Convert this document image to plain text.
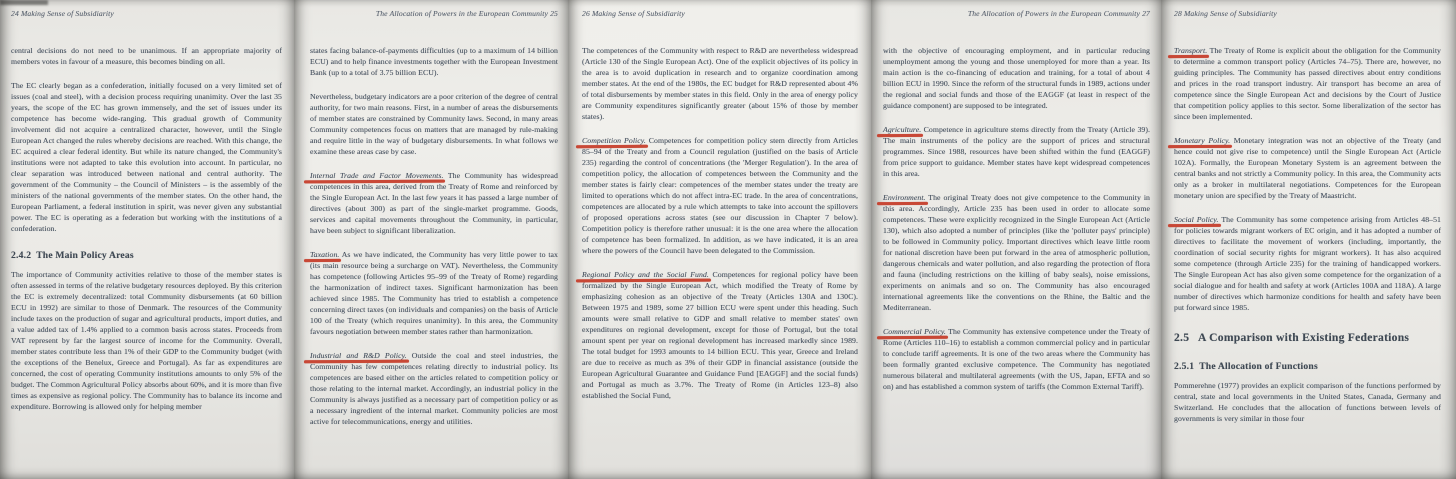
24 Making Sense of Subsidiarity

central decisions do not need to be unanimous. If an appropriate majority of members votes in favour of a measure, this becomes binding on all.

The EC clearly began as a confederation, initially focused on a very limited set of issues (coal and steel), with a decision process requiring unanimity. Over the last 35 years, the scope of the EC has grown immensely, and the set of issues under its competence has become wide-ranging. This gradual growth of Community involvement did not acquire a centralized character, however, until the Single European Act changed the rules whereby decisions are reached. With this change, the EC acquired a clear federal identity. But while its nature changed, the Community's institutions were not adapted to take this evolution into account. In particular, no clear separation was introduced between national and central authority. The government of the Community – the Council of Ministers – is the assembly of the ministers of the national governments of the member states. On the other hand, the European Parliament, a federal institution in spirit, was never given any substantial power. The EC is operating as a federation but working with the institutions of a confederation.

2.4.2  The Main Policy Areas

The importance of Community activities relative to those of the member states is often assessed in terms of the relative budgetary resources deployed. By this criterion the EC is extremely decentralized: total Community disbursements (at 60 billion ECU in 1992) are similar to those of Denmark. The resources of the Community include taxes on the production of sugar and agricultural products, import duties, and a value added tax of 1.4% applied to a common basis across states. Proceeds from VAT represent by far the largest source of income for the Community. Overall, member states contribute less than 1% of their GDP to the Community budget (with the exceptions of the Benelux, Greece and Portugal). As far as expenditures are concerned, the cost of operating Community institutions amounts to only 5% of the budget. The Common Agricultural Policy absorbs about 60%, and it is more than five times as expensive as regional policy. The Community has to balance its income and expenditure. Borrowing is allowed only for helping member

The Allocation of Powers in the European Community 25

states facing balance-of-payments difficulties (up to a maximum of 14 billion ECU) and to help finance investments together with the European Investment Bank (up to a total of 3.75 billion ECU).

Nevertheless, budgetary indicators are a poor criterion of the degree of central authority, for two main reasons. First, in a number of areas the disbursements of member states are constrained by Community laws. Second, in many areas Community competences focus on matters that are managed by rule-making and require little in the way of budgetary disbursements. In what follows we examine these areas case by case.

Internal Trade and Factor Movements. The Community has widespread competences in this area, derived from the Treaty of Rome and reinforced by the Single European Act. In the last few years it has passed a large number of directives (about 300) as part of the single-market programme. Goods, services and capital movements throughout the Community, in particular, have been subject to significant liberalization.

Taxation. As we have indicated, the Community has very little power to tax (its main resource being a surcharge on VAT). Nevertheless, the Community has competence (following Articles 95–99 of the Treaty of Rome) regarding the harmonization of indirect taxes. Significant harmonization has been achieved since 1985. The Community has tried to establish a competence concerning direct taxes (on individuals and companies) on the basis of Article 100 of the Treaty (which requires unanimity). In this area, the Community favours negotiation between member states rather than harmonization.

Industrial and R&D Policy. Outside the coal and steel industries, the Community has few competences relating directly to industrial policy. Its competences are based either on the articles related to competition policy or those relating to the internal market. Accordingly, an industrial policy in the Community is always justified as a necessary part of competition policy or as a necessary ingredient of the internal market. Community policies are most active for telecommunications, energy and utilities.

26 Making Sense of Subsidiarity

The competences of the Community with respect to R&D are nevertheless widespread (Article 130 of the Single European Act). One of the explicit objectives of its policy in the area is to avoid duplication in research and to organize coordination among member states. At the end of the 1980s, the EC budget for R&D represented about 4% of total disbursements by member states in this field. Only in the area of energy policy are Community expenditures significantly greater (about 15% of those by member states).

Competition Policy. Competences for competition policy stem directly from Articles 85–94 of the Treaty and from a Council regulation (justified on the basis of Article 235) regarding the control of concentrations (the 'Merger Regulation'). In the area of competition policy, the allocation of competences between the Community and the member states is fairly clear: competences of the member states under the treaty are limited to operations which do not affect intra-EC trade. In the area of concentrations, competences are allocated by a rule which attempts to take into account the spillovers of proposed operations across states (see our discussion in Chapter 7 below). Competition policy is therefore rather unusual: it is the one area where the allocation of competence has been formalized. In addition, as we have indicated, it is an area where the powers of the Council have been delegated to the Commission.

Regional Policy and the Social Fund. Competences for regional policy have been formalized by the Single European Act, which modified the Treaty of Rome by emphasizing cohesion as an objective of the Treaty (Articles 130A and 130C). Between 1975 and 1989, some 27 billion ECU were spent under this heading. Such amounts were small relative to GDP and small relative to member states' own expenditures on regional development, except for those of Portugal, but the total amount spent per year on regional development has increased markedly since 1989. The total budget for 1993 amounts to 14 billion ECU. This year, Greece and Ireland are due to receive as much as 3% of their GDP in financial assistance (outside the European Agricultural Guarantee and Guidance Fund [EAGGF] and the social funds) and Portugal as much as 3.7%. The Treaty of Rome (in Articles 123–8) also established the Social Fund,

The Allocation of Powers in the European Community 27

with the objective of encouraging employment, and in particular reducing unemployment among the young and those unemployed for more than a year. Its main action is the co-financing of education and training, for a total of about 4 billion ECU in 1990. Since the reform of the structural funds in 1989, actions under the regional and social funds and those of the EAGGF (at least in respect of the guidance component) are supposed to be integrated.

Agriculture. Competence in agriculture stems directly from the Treaty (Article 39). The main instruments of the policy are the support of prices and structural programmes. Since 1988, resources have been shifted within the fund (EAGGF) from price support to guidance. Member states have kept widespread competences in this area.

Environment. The original Treaty does not give competence to the Community in this area. Accordingly, Article 235 has been used in order to allocate some competences. These were explicitly recognized in the Single European Act (Article 130), which also adopted a number of principles (like the 'polluter pays' principle) to be followed in Community policy. Important directives which leave little room for national discretion have been put forward in the area of atmospheric pollution, dangerous chemicals and water pollution, and also regarding the protection of flora and fauna (including restrictions on the killing of baby seals), noise emissions, experiments on animals and so on. The Community has also encouraged international agreements like the conventions on the Rhine, the Baltic and the Mediterranean.

Commercial Policy. The Community has extensive competence under the Treaty of Rome (Articles 110–16) to establish a common commercial policy and in particular to conclude tariff agreements. It is one of the two areas where the Community has been formally granted exclusive competence. The Community has negotiated numerous bilateral and multilateral agreements (with the US, Japan, EFTA and so on) and has established a common system of tariffs (the Common External Tariff).

28 Making Sense of Subsidiarity

Transport. The Treaty of Rome is explicit about the obligation for the Community to determine a common transport policy (Articles 74–75). There are, however, no guiding principles. The Community has passed directives about entry conditions and prices in the road transport industry. Air transport has become an area of competence since the Single European Act and decisions by the Court of Justice that competition policy applies to this sector. Some liberalization of the sector has since been implemented.

Monetary Policy. Monetary integration was not an objective of the Treaty (and hence could not give rise to competence) until the Single European Act (Article 102A). Formally, the European Monetary System is an agreement between the central banks and not strictly a Community policy. In this area, the Community acts only as a broker in multilateral negotiations. Competences for the European monetary union are specified by the Treaty of Maastricht.

Social Policy. The Community has some competence arising from Articles 48–51 for policies towards migrant workers of EC origin, and it has adopted a number of directives to facilitate the movement of workers (including, importantly, the coordination of social security rights for migrant workers). It has also acquired some competence (through Article 235) for the training of handicapped workers. The Single European Act has also given some competence for the organization of a social dialogue and for health and safety at work (Articles 100A and 118A). A large number of directives which harmonize conditions for health and safety have been put forward since 1985.

2.5   A Comparison with Existing Federations
2.5.1  The Allocation of Functions

Pommerehne (1977) provides an explicit comparison of the functions performed by central, state and local governments in the United States, Canada, Germany and Switzerland. He concludes that the allocation of functions between levels of governments is very similar in those four
